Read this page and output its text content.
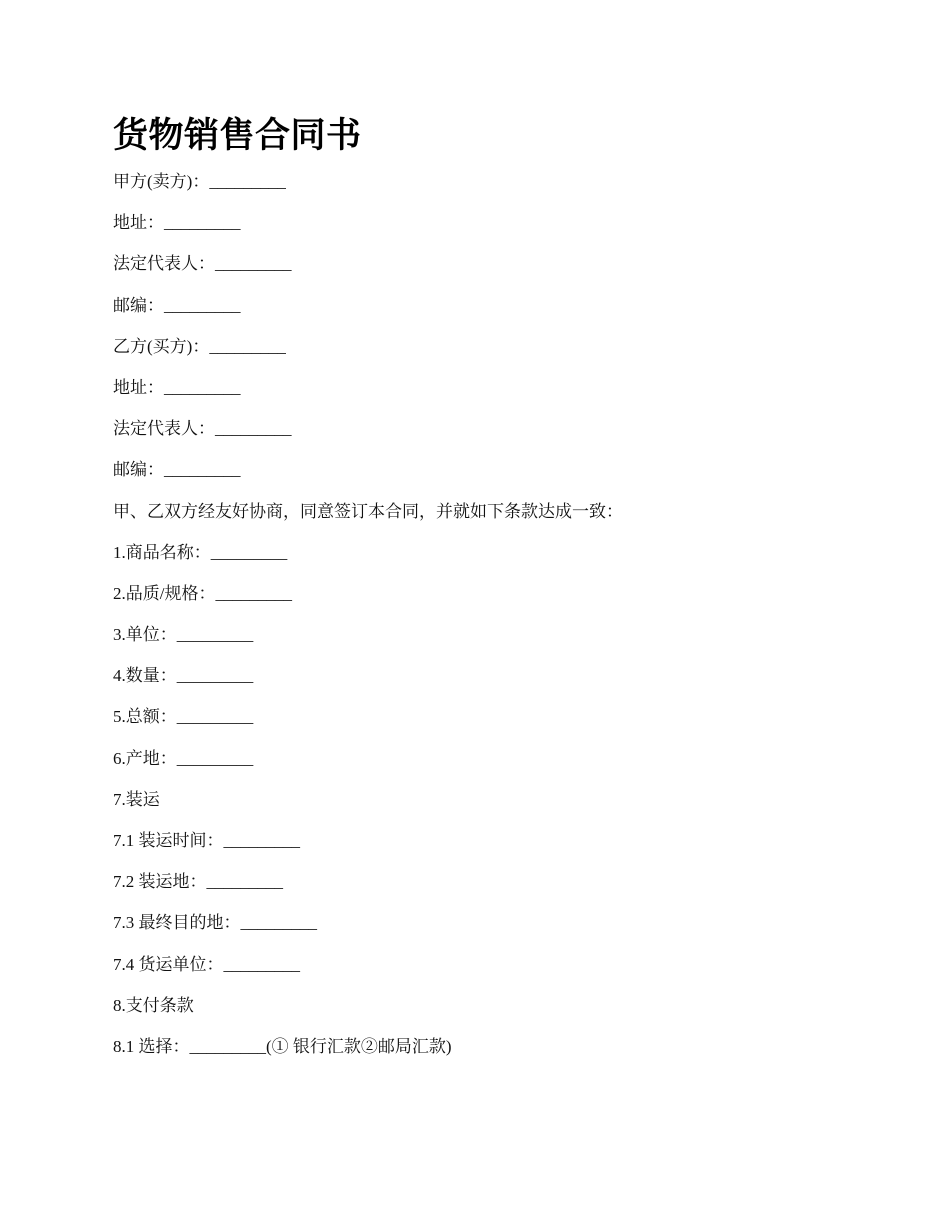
货物销售合同书
甲方(卖方)：_________
地址：_________
法定代表人：_________
邮编：_________
乙方(买方)：_________
地址：_________
法定代表人：_________
邮编：_________
甲、乙双方经友好协商，同意签订本合同，并就如下条款达成一致：
1.商品名称：_________
2.品质/规格：_________
3.单位：_________
4.数量：_________
5.总额：_________
6.产地：_________
7.装运
7.1 装运时间：_________
7.2 装运地：_________
7.3 最终目的地：_________
7.4 货运单位：_________
8.支付条款
8.1 选择：_________(① 银行汇款②邮局汇款)
